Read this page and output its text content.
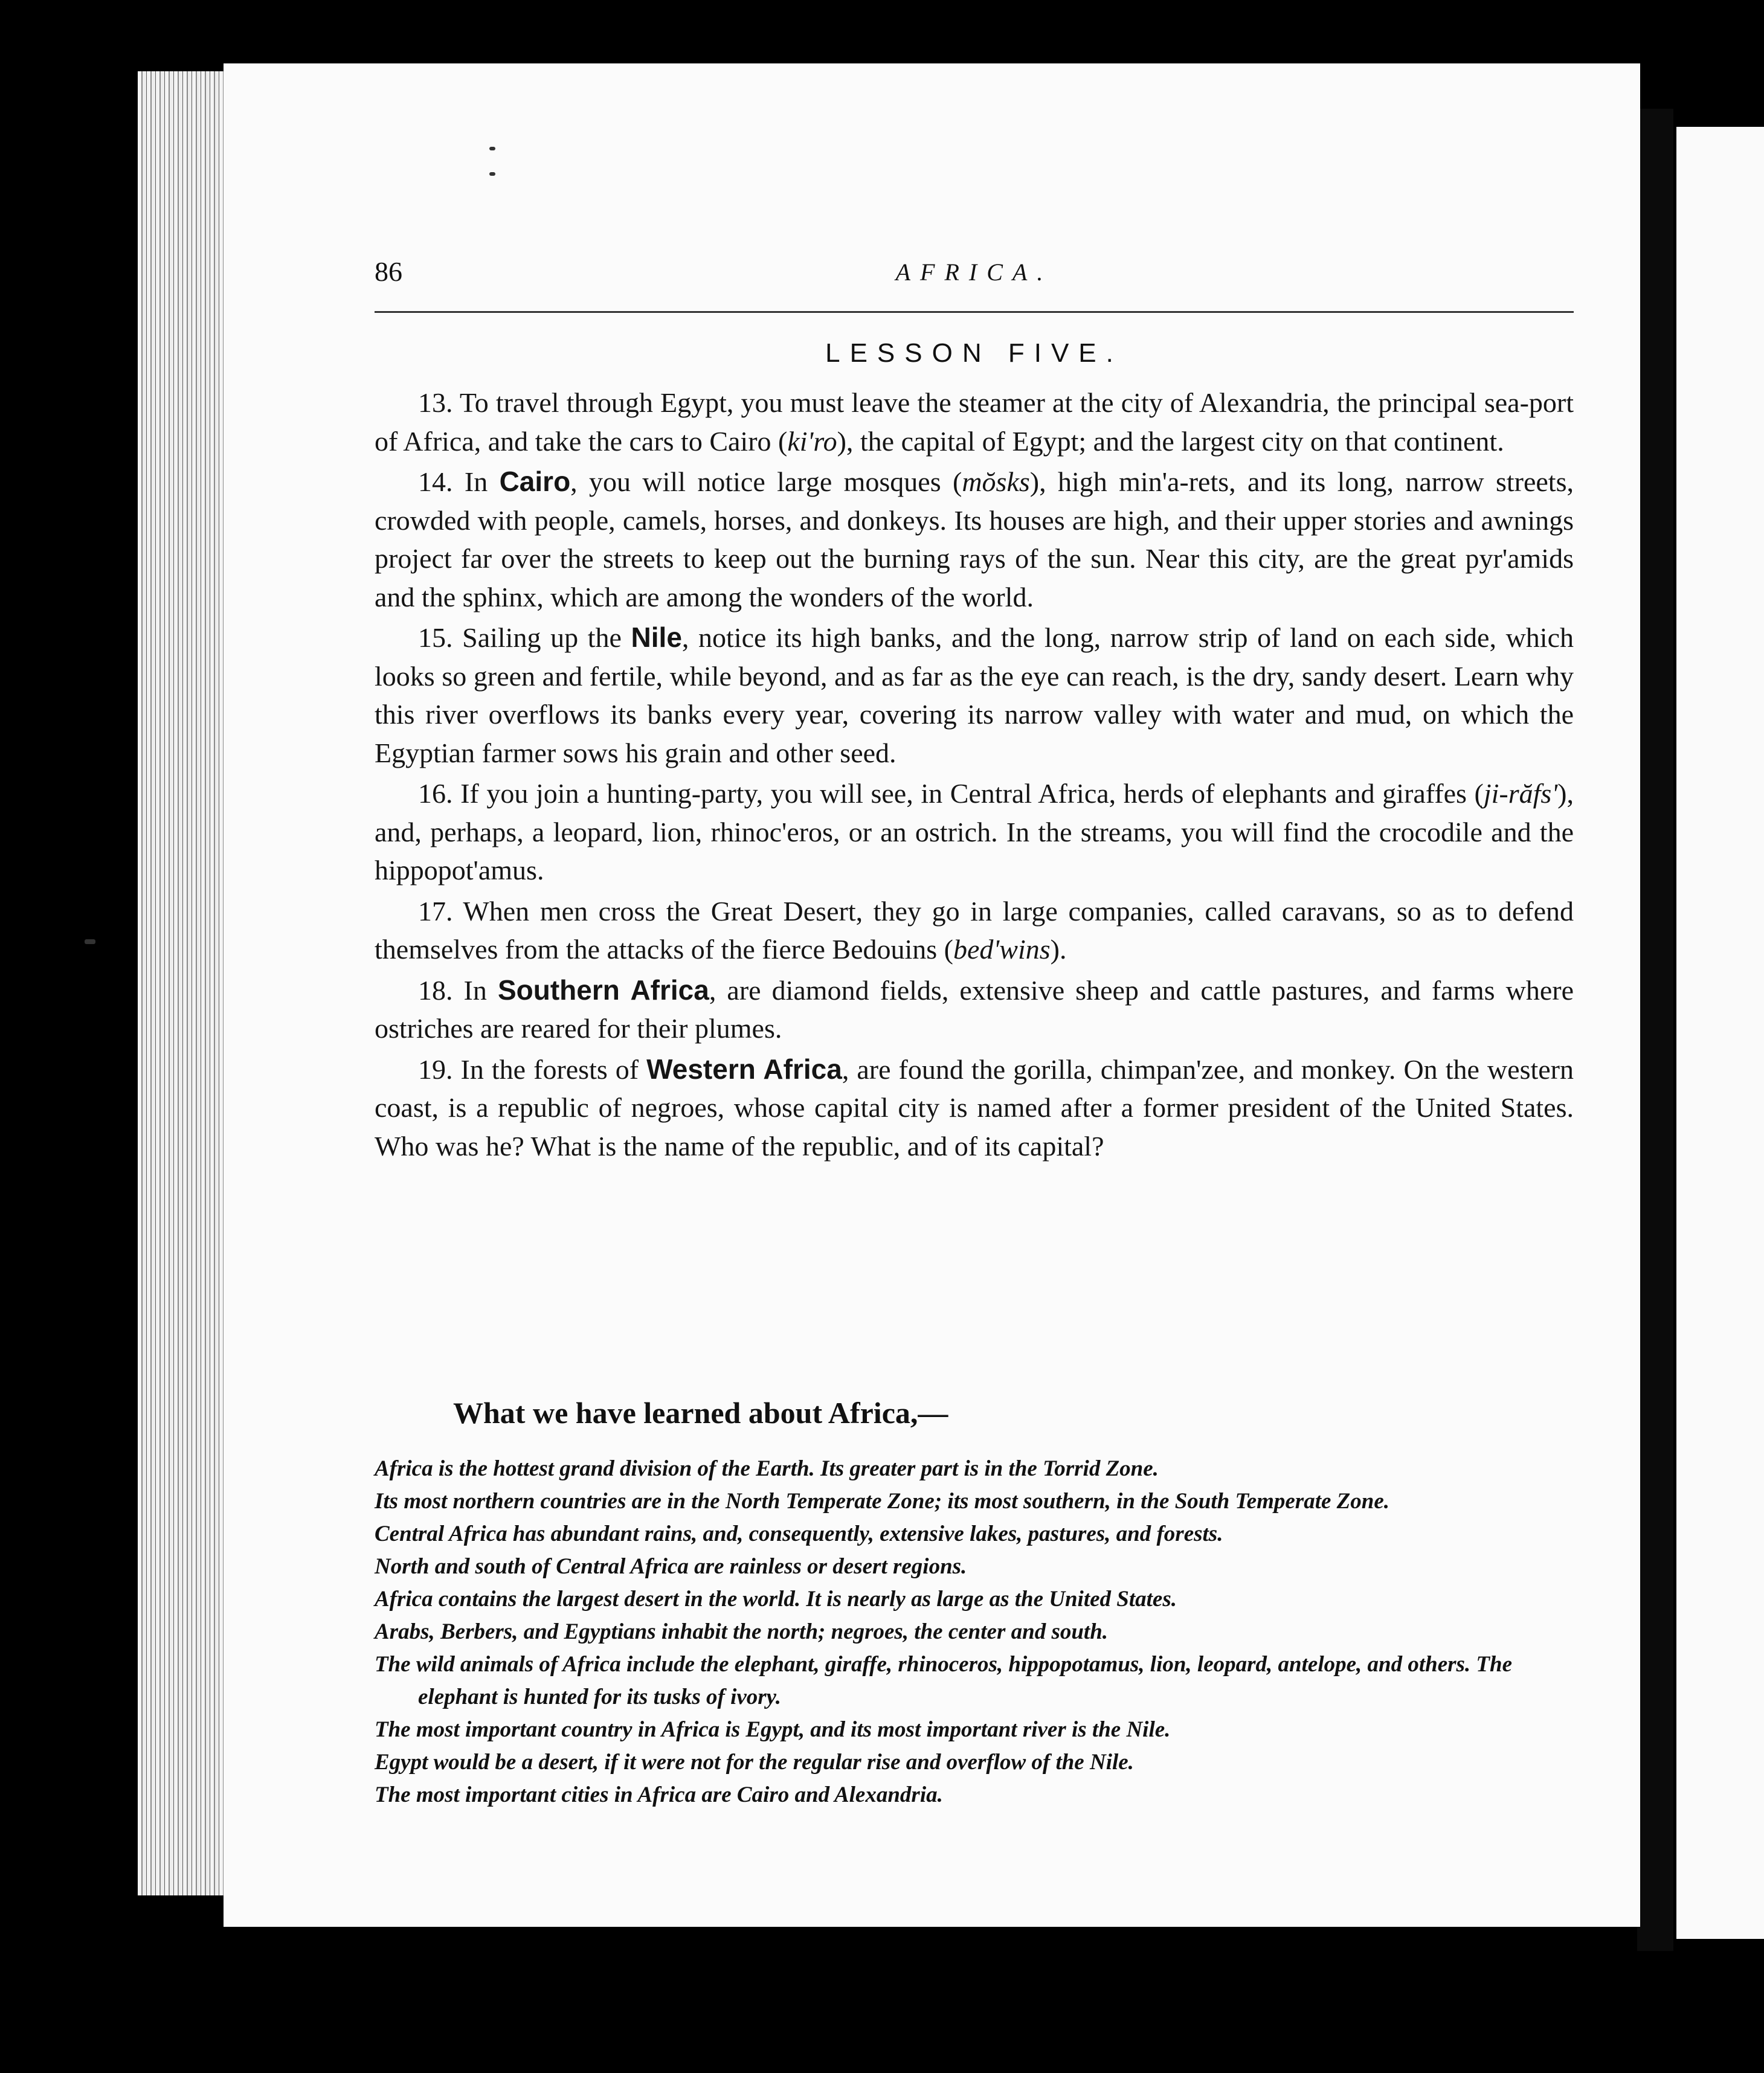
86	AFRICA.
LESSON FIVE.

13. To travel through Egypt, you must leave the steamer at the city of Alexandria, the principal sea-port of Africa, and take the cars to Cairo (ki'ro), the capital of Egypt; and the largest city on that continent.

14. In Cairo, you will notice large mosques (mŏsks), high min'a-rets, and its long, narrow streets, crowded with people, camels, horses, and donkeys. Its houses are high, and their upper stories and awnings project far over the streets to keep out the burning rays of the sun. Near this city, are the great pyr'amids and the sphinx, which are among the wonders of the world.

15. Sailing up the Nile, notice its high banks, and the long, narrow strip of land on each side, which looks so green and fertile, while beyond, and as far as the eye can reach, is the dry, sandy desert. Learn why this river overflows its banks every year, covering its narrow valley with water and mud, on which the Egyptian farmer sows his grain and other seed.

16. If you join a hunting-party, you will see, in Central Africa, herds of elephants and giraffes (ji-răfs'), and, perhaps, a leopard, lion, rhinoc'eros, or an ostrich. In the streams, you will find the crocodile and the hippopot'amus.

17. When men cross the Great Desert, they go in large companies, called caravans, so as to defend themselves from the attacks of the fierce Bedouins (bed'wins).

18. In Southern Africa, are diamond fields, extensive sheep and cattle pastures, and farms where ostriches are reared for their plumes.

19. In the forests of Western Africa, are found the gorilla, chimpan'zee, and monkey. On the western coast, is a republic of negroes, whose capital city is named after a former president of the United States. Who was he? What is the name of the republic, and of its capital?

What we have learned about Africa,—

Africa is the hottest grand division of the Earth. Its greater part is in the Torrid Zone.

Its most northern countries are in the North Temperate Zone; its most southern, in the South Temperate Zone.

Central Africa has abundant rains, and, consequently, extensive lakes, pastures, and forests.

North and south of Central Africa are rainless or desert regions.

Africa contains the largest desert in the world. It is nearly as large as the United States.

Arabs, Berbers, and Egyptians inhabit the north; negroes, the center and south.

The wild animals of Africa include the elephant, giraffe, rhinoceros, hippopotamus, lion, leopard, antelope, and others. The elephant is hunted for its tusks of ivory.

The most important country in Africa is Egypt, and its most important river is the Nile.

Egypt would be a desert, if it were not for the regular rise and overflow of the Nile.

The most important cities in Africa are Cairo and Alexandria.
